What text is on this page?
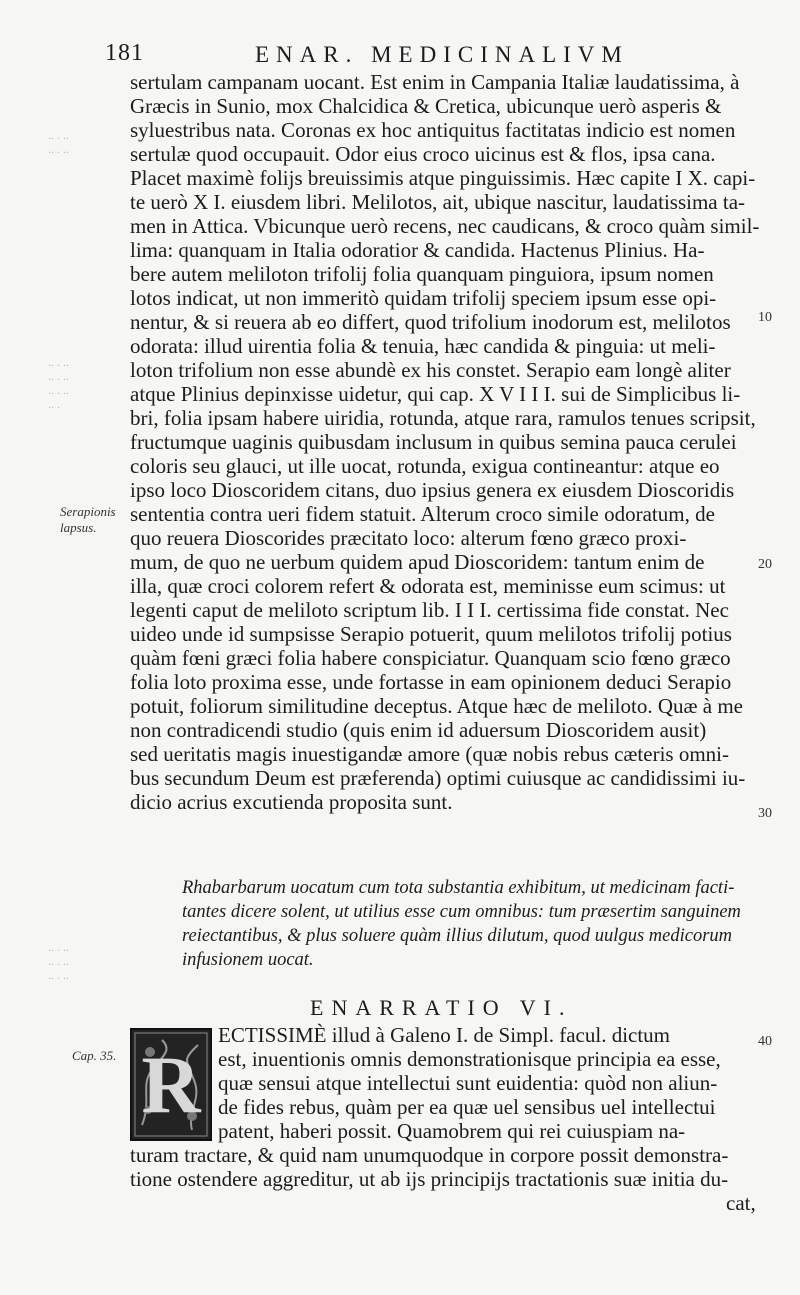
181	ENAR. MEDICINALIVM
.. . ..
.. . ..
.. . ..
.. . ..
.. . ..
.. .
.. . ..
.. . ..
.. . ..
sertulam campanam uocant. Est enim in Campania Italiæ laudatissima, à
Græcis in Sunio, mox Chalcidica & Cretica, ubicunque uerò asperis &
syluestribus nata. Coronas ex hoc antiquitus factitatas indicio est nomen
sertulæ quod occupauit. Odor eius croco uicinus est & flos, ipsa cana.
Placet maximè folijs breuissimis atque pinguissimis. Hæc capite I X. capi-
te uerò X I. eiusdem libri. Melilotos, ait, ubique nascitur, laudatissima ta-
men in Attica. Vbicunque uerò recens, nec caudicans, & croco quàm simil-
lima: quanquam in Italia odoratior & candida. Hactenus Plinius. Ha-
bere autem meliloton trifolij folia quanquam pinguiora, ipsum nomen
lotos indicat, ut non immeritò quidam trifolij speciem ipsum esse opi-
nentur, & si reuera ab eo differt, quod trifolium inodorum est, melilotos
odorata: illud uirentia folia & tenuia, hæc candida & pinguia: ut meli-
loton trifolium non esse abundè ex his constet. Serapio eam longè aliter
atque Plinius depinxisse uidetur, qui cap. X V I I I. sui de Simplicibus li-
bri, folia ipsam habere uiridia, rotunda, atque rara, ramulos tenues scripsit,
fructumque uaginis quibusdam inclusum in quibus semina pauca cerulei
coloris seu glauci, ut ille uocat, rotunda, exigua contineantur: atque eo
ipso loco Dioscoridem citans, duo ipsius genera ex eiusdem Dioscoridis
sententia contra ueri fidem statuit. Alterum croco simile odoratum, de
quo reuera Dioscorides præcitato loco: alterum fœno græco proxi-
mum, de quo ne uerbum quidem apud Dioscoridem: tantum enim de
illa, quæ croci colorem refert & odorata est, meminisse eum scimus: ut
legenti caput de meliloto scriptum lib. I I I. certissima fide constat. Nec
uideo unde id sumpsisse Serapio potuerit, quum melilotos trifolij potius
quàm fœni græci folia habere conspiciatur. Quanquam scio fœno græco
folia loto proxima esse, unde fortasse in eam opinionem deduci Serapio
potuit, foliorum similitudine deceptus. Atque hæc de meliloto. Quæ à me
non contradicendi studio (quis enim id aduersum Dioscoridem ausit)
sed ueritatis magis inuestigandæ amore (quæ nobis rebus cæteris omni-
bus secundum Deum est præferenda) optimi cuiusque ac candidissimi iu-
dicio acrius excutienda proposita sunt.
Serapionis
lapsus.
10
20
30
40
Rhabarbarum uocatum cum tota substantia exhibitum, ut medicinam facti-
tantes dicere solent, ut utilius esse cum omnibus: tum præsertim sanguinem
reiectantibus, & plus soluere quàm illius dilutum, quod uulgus medicorum
infusionem uocat.
ENARRATIO VI.
Cap. 35. R
ECTISSIMÈ illud à Galeno I. de Simpl. facul. dictum
est, inuentionis omnis demonstrationisque principia ea esse,
quæ sensui atque intellectui sunt euidentia: quòd non aliun-
de fides rebus, quàm per ea quæ uel sensibus uel intellectui
patent, haberi possit. Quamobrem qui rei cuiuspiam na-
turam tractare, & quid nam unumquodque in corpore possit demonstra-
tione ostendere aggreditur, ut ab ijs principijs tractationis suæ initia du-
cat,
